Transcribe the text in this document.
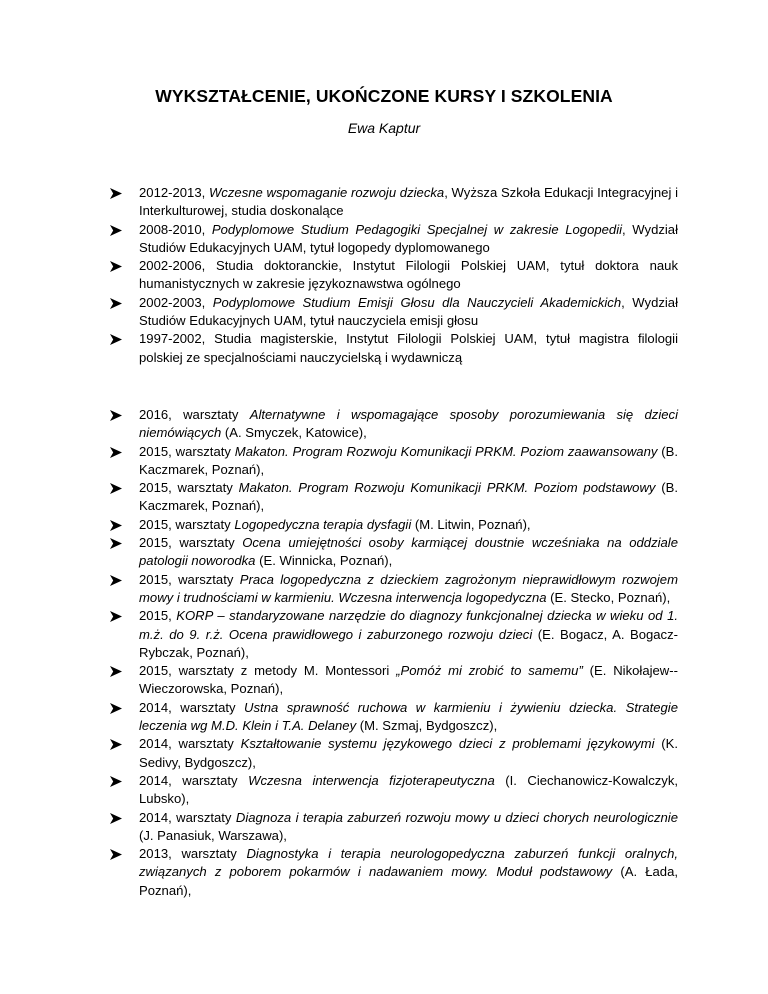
WYKSZTAŁCENIE, UKOŃCZONE KURSY I SZKOLENIA
Ewa Kaptur
2012-2013, Wczesne wspomaganie rozwoju dziecka, Wyższa Szkoła Edukacji Integracyjnej i Interkulturowej, studia doskonalące
2008-2010, Podyplomowe Studium Pedagogiki Specjalnej w zakresie Logopedii, Wydział Studiów Edukacyjnych UAM, tytuł logopedy dyplomowanego
2002-2006, Studia doktoranckie, Instytut Filologii Polskiej UAM, tytuł doktora nauk humanistycznych w zakresie językoznawstwa ogólnego
2002-2003, Podyplomowe Studium Emisji Głosu dla Nauczycieli Akademickich, Wydział Studiów Edukacyjnych UAM, tytuł nauczyciela emisji głosu
1997-2002, Studia magisterskie, Instytut Filologii Polskiej UAM, tytuł magistra filologii polskiej ze specjalnościami nauczycielską i wydawniczą
2016, warsztaty Alternatywne i wspomagające sposoby porozumiewania się dzieci niemówiących (A. Smyczek, Katowice),
2015, warsztaty Makaton. Program Rozwoju Komunikacji PRKM. Poziom zaawansowany (B. Kaczmarek, Poznań),
2015, warsztaty Makaton. Program Rozwoju Komunikacji PRKM. Poziom podstawowy (B. Kaczmarek, Poznań),
2015, warsztaty Logopedyczna terapia dysfagii (M. Litwin, Poznań),
2015, warsztaty Ocena umiejętności osoby karmiącej doustnie wcześniaka na oddziale patologii noworodka (E. Winnicka, Poznań),
2015, warsztaty Praca logopedyczna z dzieckiem zagrożonym nieprawidłowym rozwojem mowy i trudnościami w karmieniu. Wczesna interwencja logopedyczna (E. Stecko, Poznań),
2015, KORP – standaryzowane narzędzie do diagnozy funkcjonalnej dziecka w wieku od 1. m.ż. do 9. r.ż. Ocena prawidłowego i zaburzonego rozwoju dzieci (E. Bogacz, A. Bogacz-Rybczak, Poznań),
2015, warsztaty z metody M. Montessori „Pomóż mi zrobić to samemu” (E. Nikołajew--Wieczorowska, Poznań),
2014, warsztaty Ustna sprawność ruchowa w karmieniu i żywieniu dziecka. Strategie leczenia wg M.D. Klein i T.A. Delaney (M. Szmaj, Bydgoszcz),
2014, warsztaty Kształtowanie systemu językowego dzieci z problemami językowymi (K. Sedivy, Bydgoszcz),
2014, warsztaty Wczesna interwencja fizjoterapeutyczna (I. Ciechanowicz-Kowalczyk, Lubsko),
2014, warsztaty Diagnoza i terapia zaburzeń rozwoju mowy u dzieci chorych neurologicznie (J. Panasiuk, Warszawa),
2013, warsztaty Diagnostyka i terapia neurologopedyczna zaburzeń funkcji oralnych, związanych z poborem pokarmów i nadawaniem mowy. Moduł podstawowy (A. Łada, Poznań),
